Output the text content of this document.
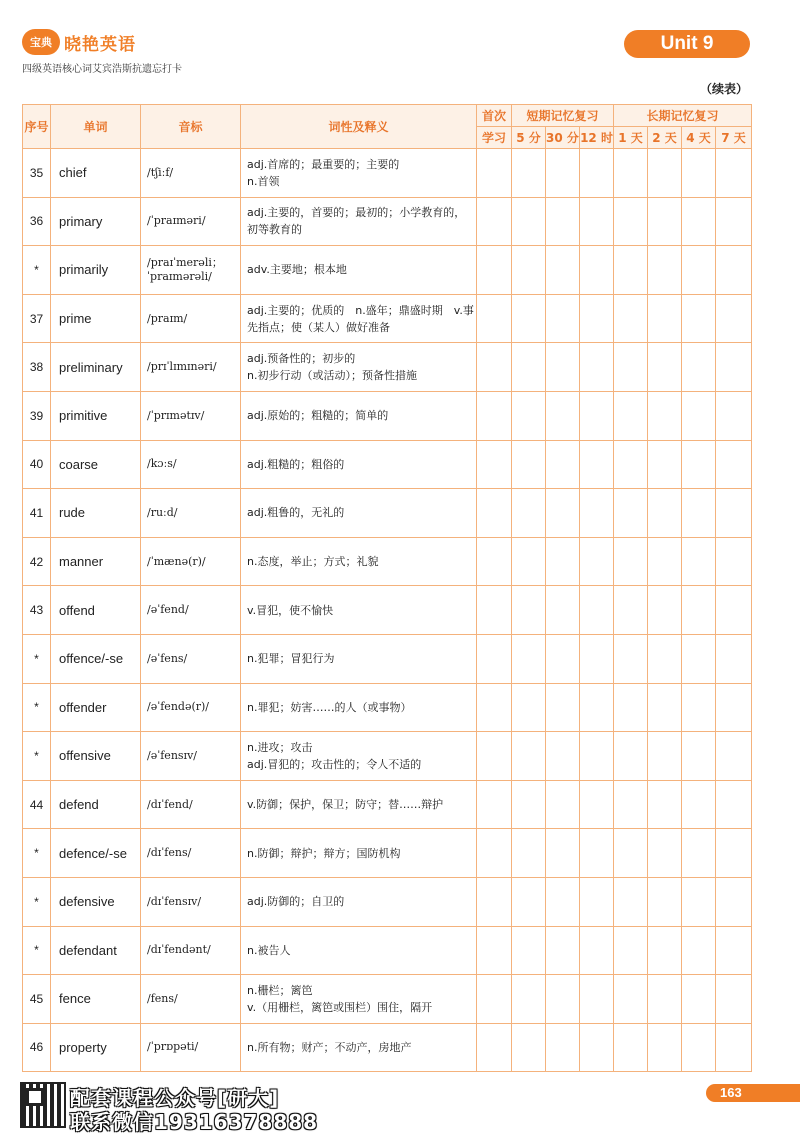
宝典 晓艳英语
四级英语核心词艾宾浩斯抗遗忘打卡
Unit 9
（续表）
序号	单词	音标	词性及释义	首次	短期记忆复习			长期记忆复习			
				学习	5 分	30 分	12 时	1 天	2 天	4 天	7 天
35	chief	/tʃiːf/	adj.首席的；最重要的；主要的
n.首领								
36	primary	/ˈpraɪməri/	adj.主要的，首要的；最初的；小学教育的，初等教育的								
*	primarily	/praɪˈmerəli；
ˈpraɪmərəli/	adv.主要地；根本地								
37	prime	/praɪm/	adj.主要的；优质的　n.盛年；鼎盛时期　v.事先指点；使（某人）做好准备								
38	preliminary	/prɪˈlɪmɪnəri/	adj.预备性的；初步的
n.初步行动（或活动）；预备性措施								
39	primitive	/ˈprɪmətɪv/	adj.原始的；粗糙的；简单的								
40	coarse	/kɔːs/	adj.粗糙的；粗俗的								
41	rude	/ruːd/	adj.粗鲁的，无礼的								
42	manner	/ˈmænə(r)/	n.态度，举止；方式；礼貌								
43	offend	/əˈfend/	v.冒犯，使不愉快								
*	offence/-se	/əˈfens/	n.犯罪；冒犯行为								
*	offender	/əˈfendə(r)/	n.罪犯；妨害……的人（或事物）								
*	offensive	/əˈfensɪv/	n.进攻；攻击
adj.冒犯的；攻击性的；令人不适的								
44	defend	/dɪˈfend/	v.防御；保护，保卫；防守；替……辩护								
*	defence/-se	/dɪˈfens/	n.防御；辩护；辩方；国防机构								
*	defensive	/dɪˈfensɪv/	adj.防御的；自卫的								
*	defendant	/dɪˈfendənt/	n.被告人								
45	fence	/fens/	n.栅栏；篱笆
v.（用栅栏，篱笆或围栏）围住，隔开								
46	property	/ˈprɒpəti/	n.所有物；财产；不动产，房地产								
配套课程公众号[研大]
联系微信19316378888
163
